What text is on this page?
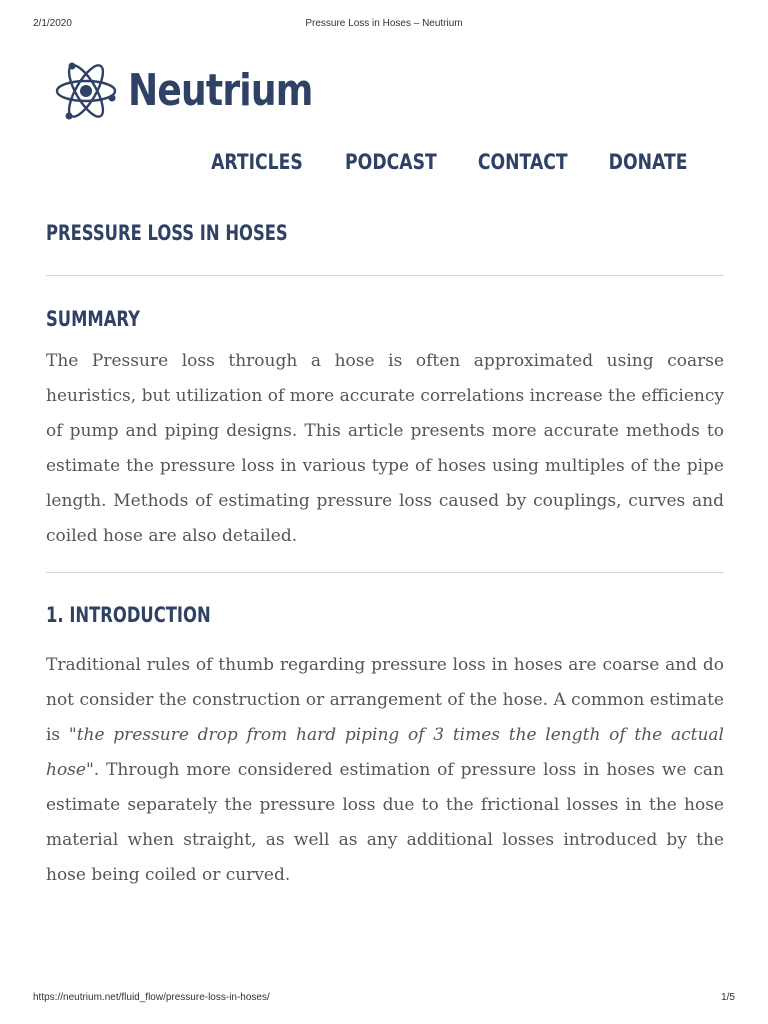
2/1/2020	Pressure Loss in Hoses – Neutrium
Neutrium
ARTICLES PODCAST CONTACT DONATE
PRESSURE LOSS IN HOSES
SUMMARY

The Pressure loss through a hose is often approximated using coarse heuristics, but utilization of more accurate correlations increase the efficiency of pump and piping designs. This article presents more accurate methods to estimate the pressure loss in various type of hoses using multiples of the pipe length. Methods of estimating pressure loss caused by couplings, curves and coiled hose are also detailed.

1. INTRODUCTION

Traditional rules of thumb regarding pressure loss in hoses are coarse and do not consider the construction or arrangement of the hose. A common estimate is "the pressure drop from hard piping of 3 times the length of the actual hose". Through more considered estimation of pressure loss in hoses we can estimate separately the pressure loss due to the frictional losses in the hose material when straight, as well as any additional losses introduced by the hose being coiled or curved.

https://neutrium.net/fluid_flow/pressure-loss-in-hoses/	1/5
